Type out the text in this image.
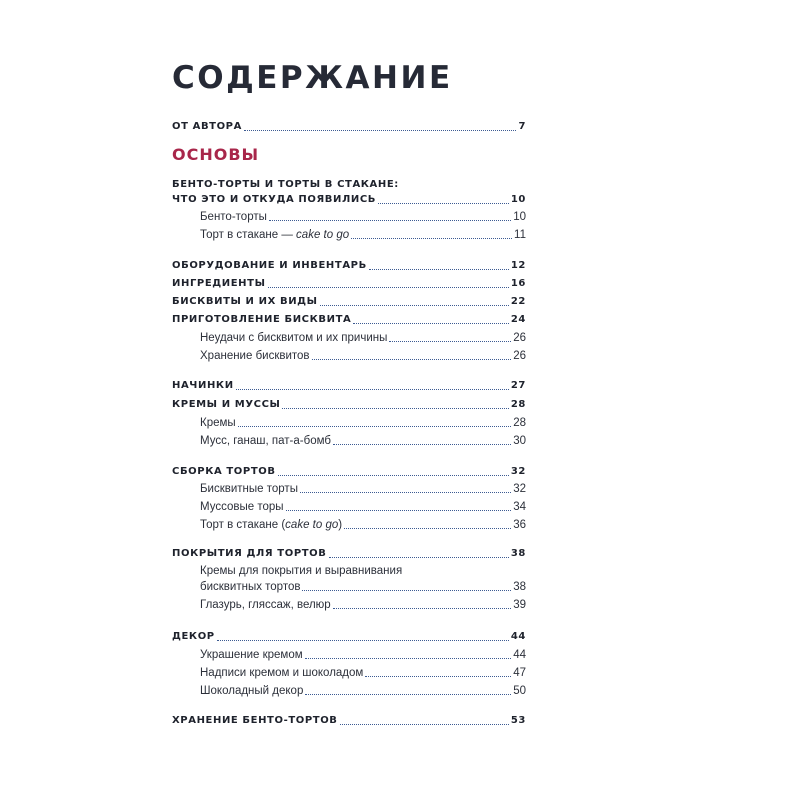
СОДЕРЖАНИЕ
ОТ АВТОРА	7
ОСНОВЫ
БЕНТО-ТОРТЫ И ТОРТЫ В СТАКАНЕ:
ЧТО ЭТО И ОТКУДА ПОЯВИЛИСЬ	10
Бенто-торты	10
Торт в стакане — cake to go	11
ОБОРУДОВАНИЕ И ИНВЕНТАРЬ	12
ИНГРЕДИЕНТЫ	16
БИСКВИТЫ И ИХ ВИДЫ	22
ПРИГОТОВЛЕНИЕ БИСКВИТА	24
Неудачи с бисквитом и их причины	26
Хранение бисквитов	26
НАЧИНКИ	27
КРЕМЫ И МУССЫ	28
Кремы	28
Мусс, ганаш, пат-а-бомб	30
СБОРКА ТОРТОВ	32
Бисквитные торты	32
Муссовые торы	34
Торт в стакане (cake to go)	36
ПОКРЫТИЯ ДЛЯ ТОРТОВ	38
Кремы для покрытия и выравнивания
бисквитных тортов	38
Глазурь, глясcаж, велюр	39
ДЕКОР	44
Украшение кремом	44
Надписи кремом и шоколадом	47
Шоколадный декор	50
ХРАНЕНИЕ БЕНТО-ТОРТОВ	53
